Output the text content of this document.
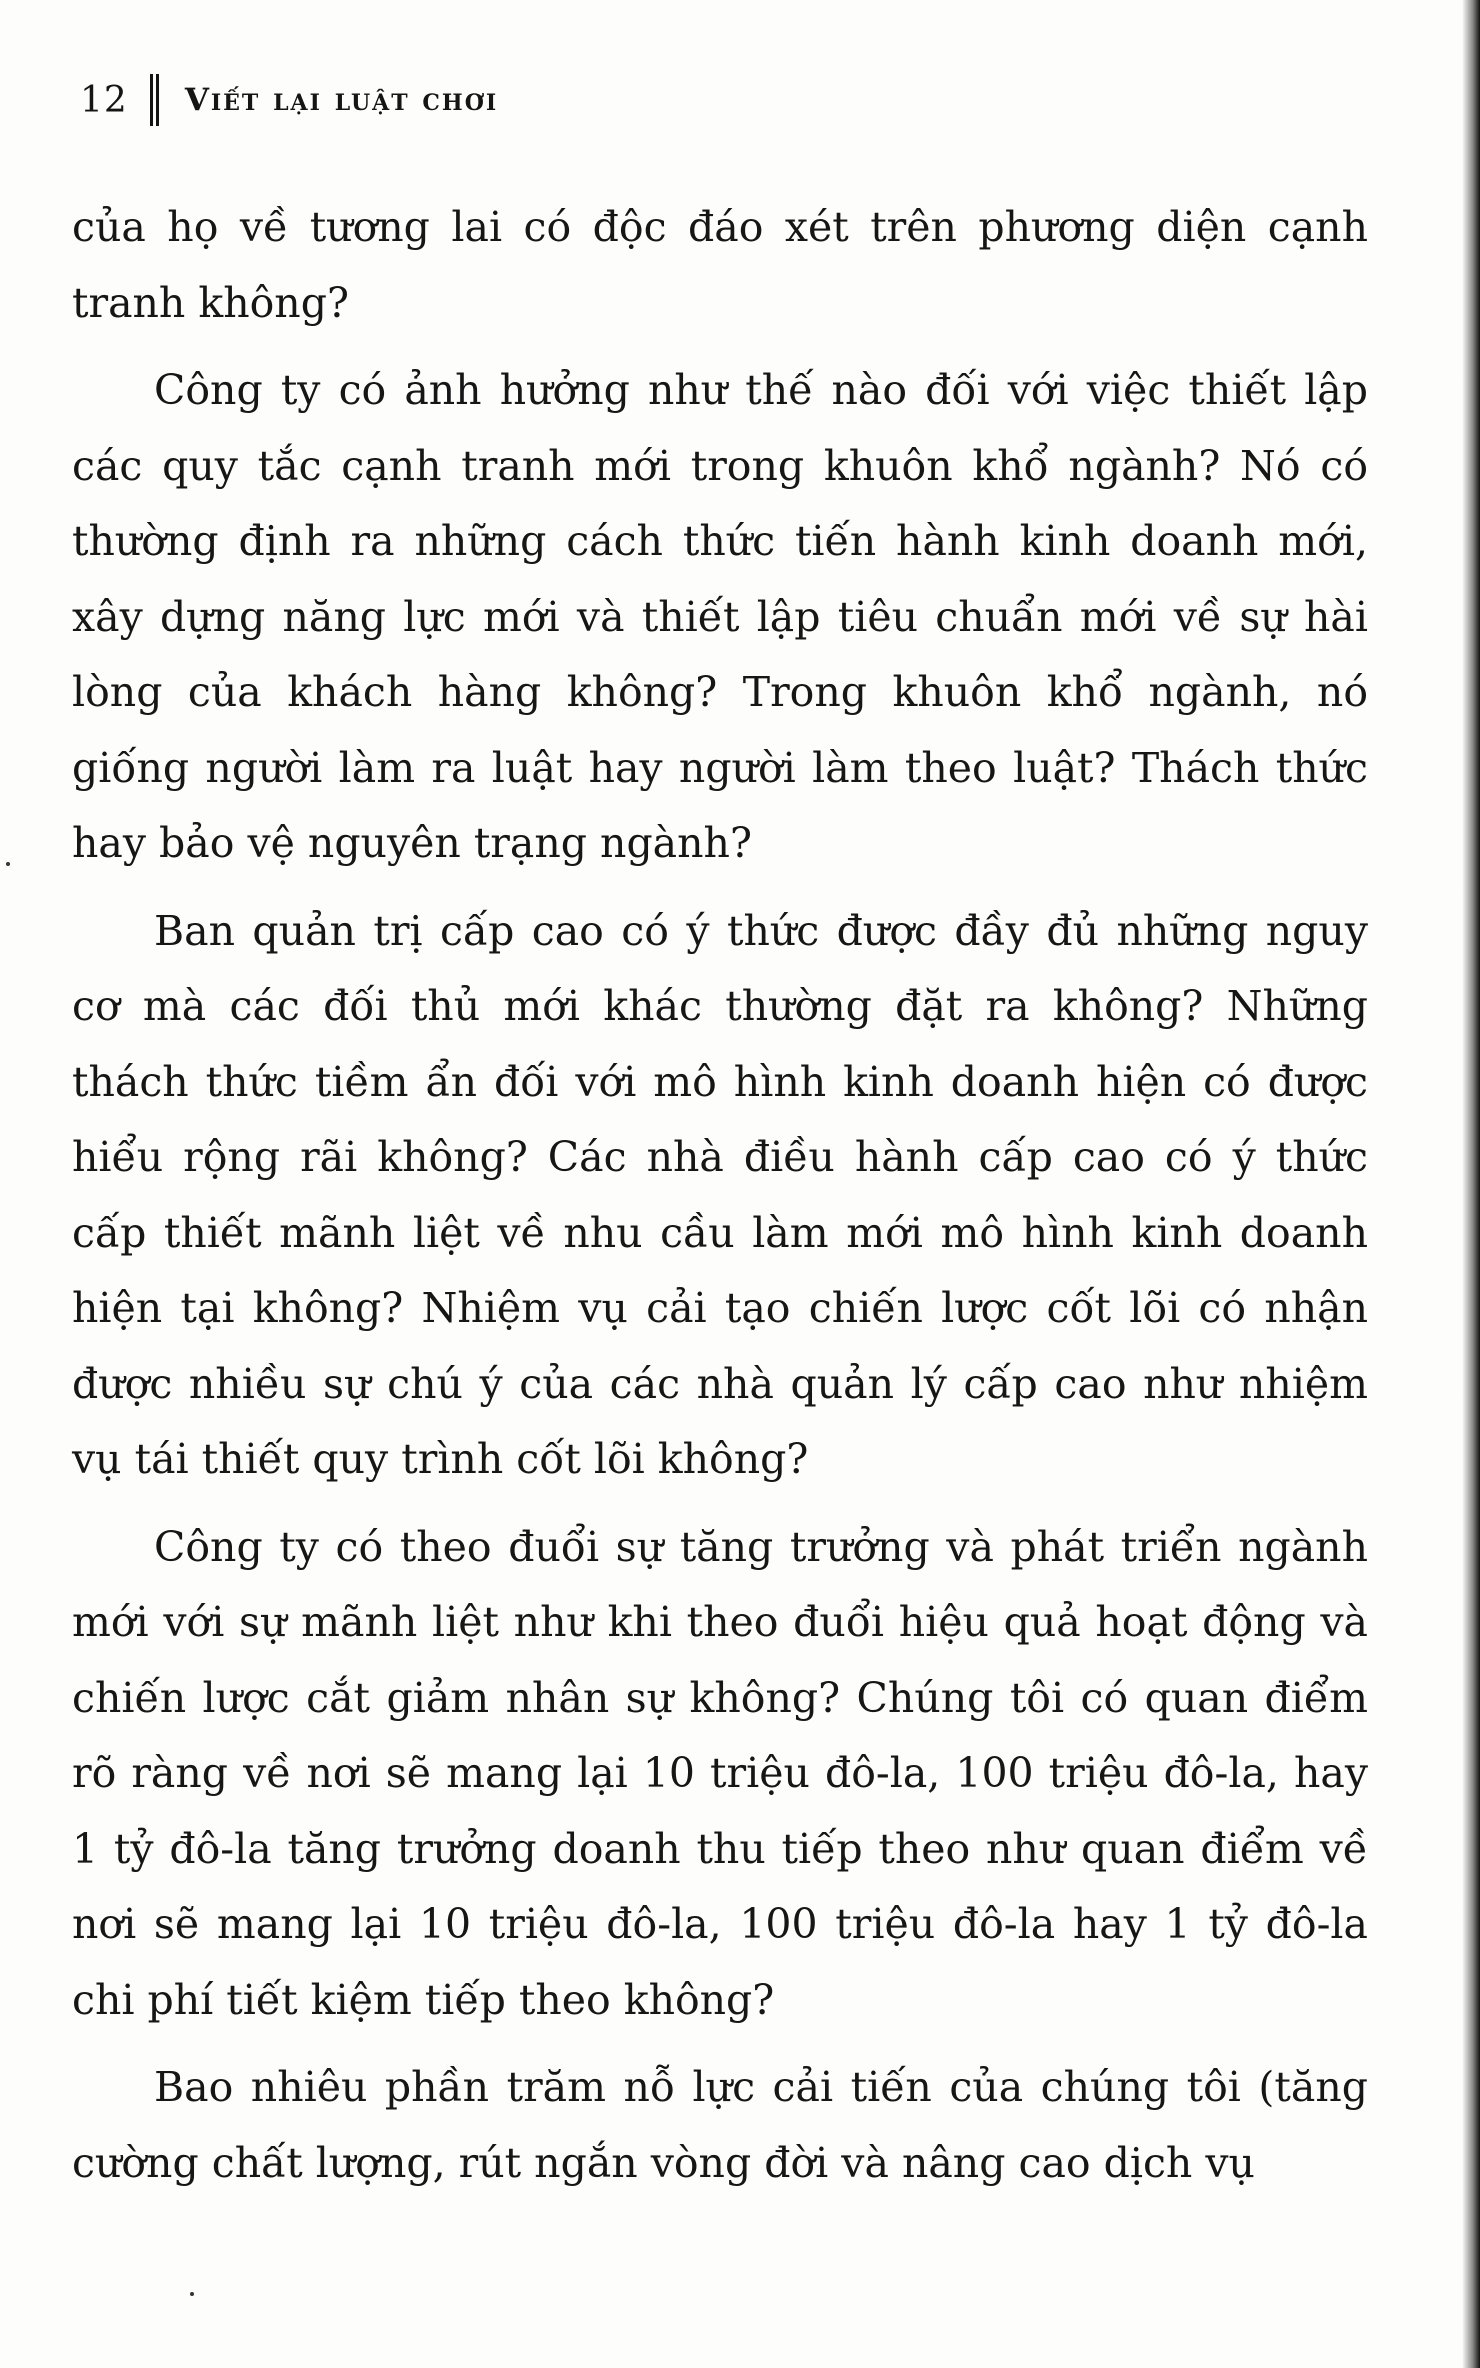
12 Viết lại luật chơi

của họ về tương lai có độc đáo xét trên phương diện cạnh tranh không?

Công ty có ảnh hưởng như thế nào đối với việc thiết lập các quy tắc cạnh tranh mới trong khuôn khổ ngành? Nó có thường định ra những cách thức tiến hành kinh doanh mới, xây dựng năng lực mới và thiết lập tiêu chuẩn mới về sự hài lòng của khách hàng không? Trong khuôn khổ ngành, nó giống người làm ra luật hay người làm theo luật? Thách thức hay bảo vệ nguyên trạng ngành?

Ban quản trị cấp cao có ý thức được đầy đủ những nguy cơ mà các đối thủ mới khác thường đặt ra không? Những thách thức tiềm ẩn đối với mô hình kinh doanh hiện có được hiểu rộng rãi không? Các nhà điều hành cấp cao có ý thức cấp thiết mãnh liệt về nhu cầu làm mới mô hình kinh doanh hiện tại không? Nhiệm vụ cải tạo chiến lược cốt lõi có nhận được nhiều sự chú ý của các nhà quản lý cấp cao như nhiệm vụ tái thiết quy trình cốt lõi không?

Công ty có theo đuổi sự tăng trưởng và phát triển ngành mới với sự mãnh liệt như khi theo đuổi hiệu quả hoạt động và chiến lược cắt giảm nhân sự không? Chúng tôi có quan điểm rõ ràng về nơi sẽ mang lại 10 triệu đô-la, 100 triệu đô-la, hay 1 tỷ đô-la tăng trưởng doanh thu tiếp theo như quan điểm về nơi sẽ mang lại 10 triệu đô-la, 100 triệu đô-la hay 1 tỷ đô-la chi phí tiết kiệm tiếp theo không?

Bao nhiêu phần trăm nỗ lực cải tiến của chúng tôi (tăng cường chất lượng, rút ngắn vòng đời và nâng cao dịch vụ
